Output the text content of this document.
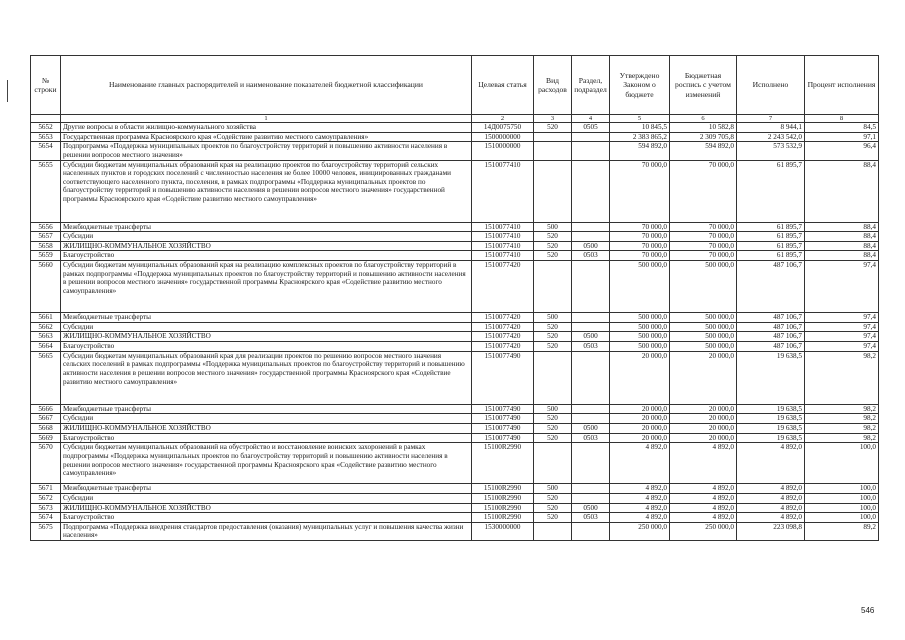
№ строки	Наименование главных распорядителей и наименование показателей бюджетной классификации	Целевая статья	Вид расходов	Раздел, подраздел	Утверждено Законом о бюджете	Бюджетная роспись с учетом изменений	Исполнено	Процент исполнения
	1	2	3	4	5	6	7	8
5652	Другие вопросы в области жилищно-коммунального хозяйства	14Д0075750	520	0505	10 845,5	10 582,8	8 944,1	84,5
5653	Государственная программа Красноярского края «Содействие развитию местного самоуправления»	1500000000			2 383 865,2	2 309 705,8	2 243 542,0	97,1
5654	Подпрограмма «Поддержка муниципальных проектов по благоустройству территорий и повышению активности населения в решении вопросов местного значения»	1510000000			594 892,0	594 892,0	573 532,9	96,4
5655	Субсидии бюджетам муниципальных образований края на реализацию проектов по благоустройству территорий сельских населенных пунктов и городских поселений с численностью населения не более 10000 человек, инициированных гражданами соответствующего населенного пункта, поселения, в рамках подпрограммы «Поддержка муниципальных проектов по благоустройству территорий и повышению активности населения в решении вопросов местного значения» государственной программы Красноярского края «Содействие развитию местного самоуправления»	1510077410			70 000,0	70 000,0	61 895,7	88,4
5656	Межбюджетные трансферты	1510077410	500		70 000,0	70 000,0	61 895,7	88,4
5657	Субсидии	1510077410	520		70 000,0	70 000,0	61 895,7	88,4
5658	ЖИЛИЩНО-КОММУНАЛЬНОЕ ХОЗЯЙСТВО	1510077410	520	0500	70 000,0	70 000,0	61 895,7	88,4
5659	Благоустройство	1510077410	520	0503	70 000,0	70 000,0	61 895,7	88,4
5660	Субсидии бюджетам муниципальных образований края на реализацию комплексных проектов по благоустройству территорий в рамках подпрограммы «Поддержка муниципальных проектов по благоустройству территорий и повышению активности населения в решении вопросов местного значения» государственной программы Красноярского края «Содействие развитию местного самоуправления»	1510077420			500 000,0	500 000,0	487 106,7	97,4
5661	Межбюджетные трансферты	1510077420	500		500 000,0	500 000,0	487 106,7	97,4
5662	Субсидии	1510077420	520		500 000,0	500 000,0	487 106,7	97,4
5663	ЖИЛИЩНО-КОММУНАЛЬНОЕ ХОЗЯЙСТВО	1510077420	520	0500	500 000,0	500 000,0	487 106,7	97,4
5664	Благоустройство	1510077420	520	0503	500 000,0	500 000,0	487 106,7	97,4
5665	Субсидии бюджетам муниципальных образований края для реализации проектов по решению вопросов местного значения сельских поселений в рамках подпрограммы «Поддержка муниципальных проектов по благоустройству территорий и повышению активности населения в решении вопросов местного значения» государственной программы Красноярского края «Содействие развитию местного самоуправления»	1510077490			20 000,0	20 000,0	19 638,5	98,2
5666	Межбюджетные трансферты	1510077490	500		20 000,0	20 000,0	19 638,5	98,2
5667	Субсидии	1510077490	520		20 000,0	20 000,0	19 638,5	98,2
5668	ЖИЛИЩНО-КОММУНАЛЬНОЕ ХОЗЯЙСТВО	1510077490	520	0500	20 000,0	20 000,0	19 638,5	98,2
5669	Благоустройство	1510077490	520	0503	20 000,0	20 000,0	19 638,5	98,2
5670	Субсидии бюджетам муниципальных образований на обустройство и восстановление воинских захоронений в рамках подпрограммы «Поддержка муниципальных проектов по благоустройству территорий и повышению активности населения в решении вопросов местного значения» государственной программы Красноярского края «Содействие развитию местного самоуправления»	15100R2990			4 892,0	4 892,0	4 892,0	100,0
5671	Межбюджетные трансферты	15100R2990	500		4 892,0	4 892,0	4 892,0	100,0
5672	Субсидии	15100R2990	520		4 892,0	4 892,0	4 892,0	100,0
5673	ЖИЛИЩНО-КОММУНАЛЬНОЕ ХОЗЯЙСТВО	15100R2990	520	0500	4 892,0	4 892,0	4 892,0	100,0
5674	Благоустройство	15100R2990	520	0503	4 892,0	4 892,0	4 892,0	100,0
5675	Подпрограмма «Поддержка внедрения стандартов предоставления (оказания) муниципальных услуг и повышения качества жизни населения»	1530000000			250 000,0	250 000,0	223 098,8	89,2
546
